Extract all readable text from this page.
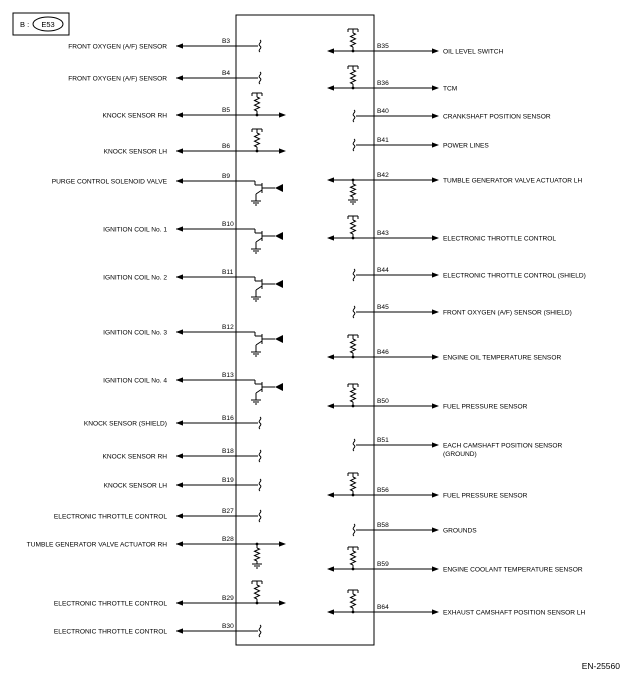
B : E53
FRONT OXYGEN (A/F) SENSOR
B3
FRONT OXYGEN (A/F) SENSOR
B4
KNOCK SENSOR RH
B5
KNOCK SENSOR LH
B6
PURGE CONTROL SOLENOID VALVE
B9
IGNITION COIL No. 1
B10
IGNITION COIL No. 2
B11
IGNITION COIL No. 3
B12
IGNITION COIL No. 4
B13
KNOCK SENSOR (SHIELD)
B16
KNOCK SENSOR RH
B18
KNOCK SENSOR LH
B19
ELECTRONIC THROTTLE CONTROL
B27
TUMBLE GENERATOR VALVE ACTUATOR RH
B28
ELECTRONIC THROTTLE CONTROL
B29
ELECTRONIC THROTTLE CONTROL
B30
OIL LEVEL SWITCH
B35
TCM
B36
CRANKSHAFT POSITION SENSOR
B40
POWER LINES
B41
TUMBLE GENERATOR VALVE ACTUATOR LH
B42
ELECTRONIC THROTTLE CONTROL
B43
ELECTRONIC THROTTLE CONTROL (SHIELD)
B44
FRONT OXYGEN (A/F) SENSOR (SHIELD)
B45
ENGINE OIL TEMPERATURE SENSOR
B46
FUEL PRESSURE SENSOR
B50
EACH CAMSHAFT POSITION SENSOR
(GROUND)
B51
FUEL PRESSURE SENSOR
B56
GROUNDS
B58
ENGINE COOLANT TEMPERATURE SENSOR
B59
EXHAUST CAMSHAFT POSITION SENSOR LH
B64
EN-25560
